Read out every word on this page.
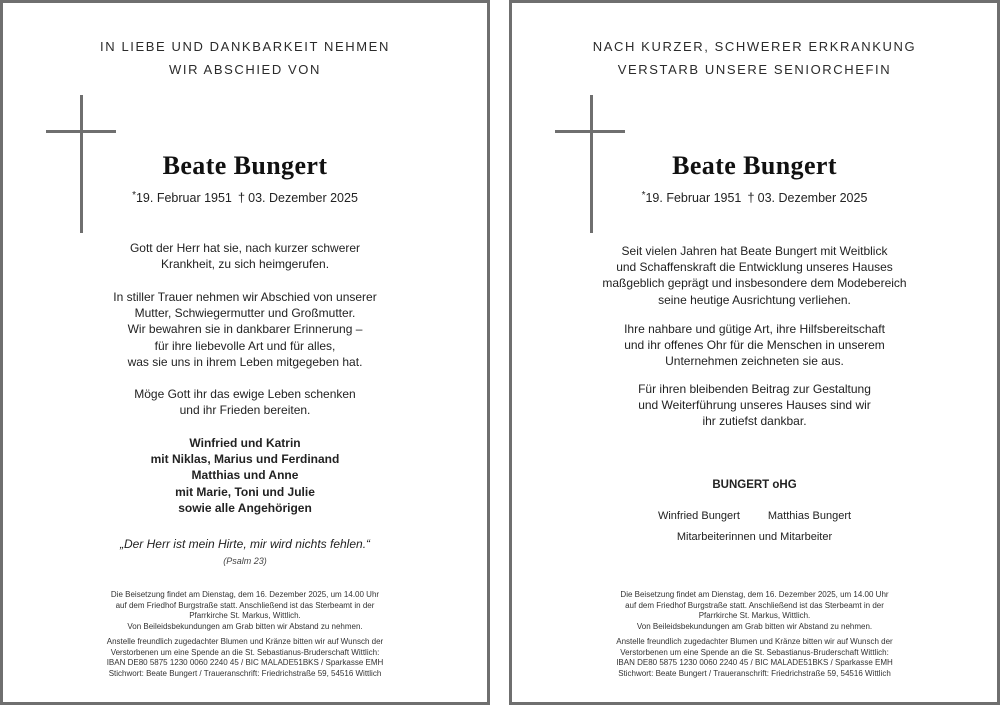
IN LIEBE UND DANKBARKEIT NEHMEN
WIR ABSCHIED VON
Beate Bungert
*19. Februar 1951 † 03. Dezember 2025
Gott der Herr hat sie, nach kurzer schwerer
Krankheit, zu sich heimgerufen.
In stiller Trauer nehmen wir Abschied von unserer
Mutter, Schwiegermutter und Großmutter.
Wir bewahren sie in dankbarer Erinnerung –
für ihre liebevolle Art und für alles,
was sie uns in ihrem Leben mitgegeben hat.
Möge Gott ihr das ewige Leben schenken
und ihr Frieden bereiten.
Winfried und Katrin
mit Niklas, Marius und Ferdinand
Matthias und Anne
mit Marie, Toni und Julie
sowie alle Angehörigen
„Der Herr ist mein Hirte, mir wird nichts fehlen.“
(Psalm 23)
Die Beisetzung findet am Dienstag, dem 16. Dezember 2025, um 14.00 Uhr
auf dem Friedhof Burgstraße statt. Anschließend ist das Sterbeamt in der
Pfarrkirche St. Markus, Wittlich.
Von Beileidsbekundungen am Grab bitten wir Abstand zu nehmen.
Anstelle freundlich zugedachter Blumen und Kränze bitten wir auf Wunsch der
Verstorbenen um eine Spende an die St. Sebastianus-Bruderschaft Wittlich:
IBAN DE80 5875 1230 0060 2240 45 / BIC MALADE51BKS / Sparkasse EMH
Stichwort: Beate Bungert / Traueranschrift: Friedrichstraße 59, 54516 Wittlich
NACH KURZER, SCHWERER ERKRANKUNG
VERSTARB UNSERE SENIORCHEFIN
Beate Bungert
*19. Februar 1951 † 03. Dezember 2025
Seit vielen Jahren hat Beate Bungert mit Weitblick
und Schaffenskraft die Entwicklung unseres Hauses
maßgeblich geprägt und insbesondere dem Modebereich
seine heutige Ausrichtung verliehen.
Ihre nahbare und gütige Art, ihre Hilfsbereitschaft
und ihr offenes Ohr für die Menschen in unserem
Unternehmen zeichneten sie aus.
Für ihren bleibenden Beitrag zur Gestaltung
und Weiterführung unseres Hauses sind wir
ihr zutiefst dankbar.
BUNGERT oHG
Winfried Bungert	Matthias Bungert
Mitarbeiterinnen und Mitarbeiter
Die Beisetzung findet am Dienstag, dem 16. Dezember 2025, um 14.00 Uhr
auf dem Friedhof Burgstraße statt. Anschließend ist das Sterbeamt in der
Pfarrkirche St. Markus, Wittlich.
Von Beileidsbekundungen am Grab bitten wir Abstand zu nehmen.
Anstelle freundlich zugedachter Blumen und Kränze bitten wir auf Wunsch der
Verstorbenen um eine Spende an die St. Sebastianus-Bruderschaft Wittlich:
IBAN DE80 5875 1230 0060 2240 45 / BIC MALADE51BKS / Sparkasse EMH
Stichwort: Beate Bungert / Traueranschrift: Friedrichstraße 59, 54516 Wittlich
